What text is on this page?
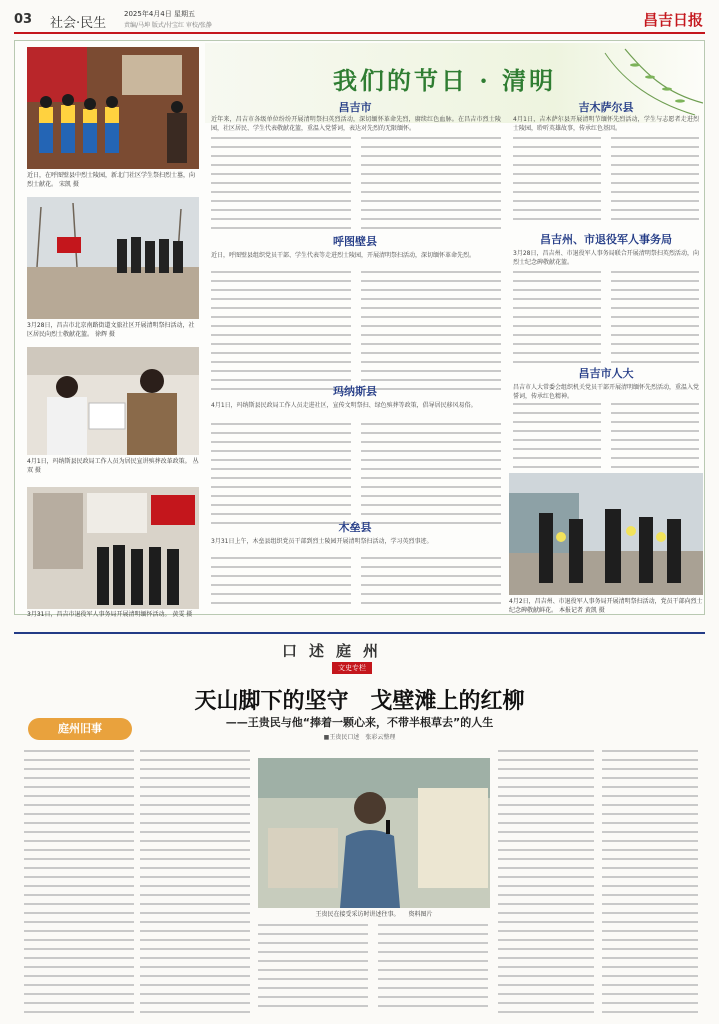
03 社会·民生
2025年4月4日 星期五
责编/马坤 版式/付宝红 审校/张静	昌吉日报
我们的节日 · 清明
近日，在呼图壁县中烈士陵园，新北门社区学生祭扫烈士墓，向烈士献花。 宋凯 摄
3月28日，昌吉市北京南路街道文旅社区开展清明祭扫活动，社区居民向烈士敬献花篮。 徐辉 摄
4月1日，玛纳斯县民政局工作人员为居民宣讲殡葬改革政策。 丛双 摄
3月31日，昌吉市退役军人事务局开展清明缅怀活动。 黄雯 摄
昌吉市
近年来，昌吉市各级单位纷纷开展清明祭扫英烈活动，深切缅怀革命先烈，赓续红色血脉。在昌吉市烈士陵园，社区居民、学生代表敬献花篮，重温入党誓词，表达对先烈的无限缅怀。
呼图壁县
近日，呼图壁县组织党员干部、学生代表等走进烈士陵园，开展清明祭扫活动，深切缅怀革命先烈。
玛纳斯县
4月1日，玛纳斯县民政局工作人员走进社区，宣传文明祭扫、绿色殡葬等政策，倡导居民移风易俗。
木垒县
3月31日上午，木垒县组织党员干部到烈士陵园开展清明祭扫活动，学习英烈事迹。
吉木萨尔县
4月1日，吉木萨尔县开展清明节缅怀先烈活动，学生与志愿者走进烈士陵园，聆听英雄故事，传承红色基因。
昌吉州、市退役军人事务局
3月28日，昌吉州、市退役军人事务局联合开展清明祭扫英烈活动，向烈士纪念碑敬献花篮。
昌吉市人大
昌吉市人大常委会组织机关党员干部开展清明缅怀先烈活动，重温入党誓词，传承红色精神。
4月2日，昌吉州、市退役军人事务局开展清明祭扫活动，党员干部向烈士纪念碑敬献鲜花。 本报记者 黄凯 摄
口述庭州
文史专栏
庭州旧事
天山脚下的坚守　戈壁滩上的红柳
——王贵民与他“捧着一颗心来，不带半根草去”的人生
■王贵民口述　张彩云整理
王贵民在接受采访时讲述往事。　　资料图片
